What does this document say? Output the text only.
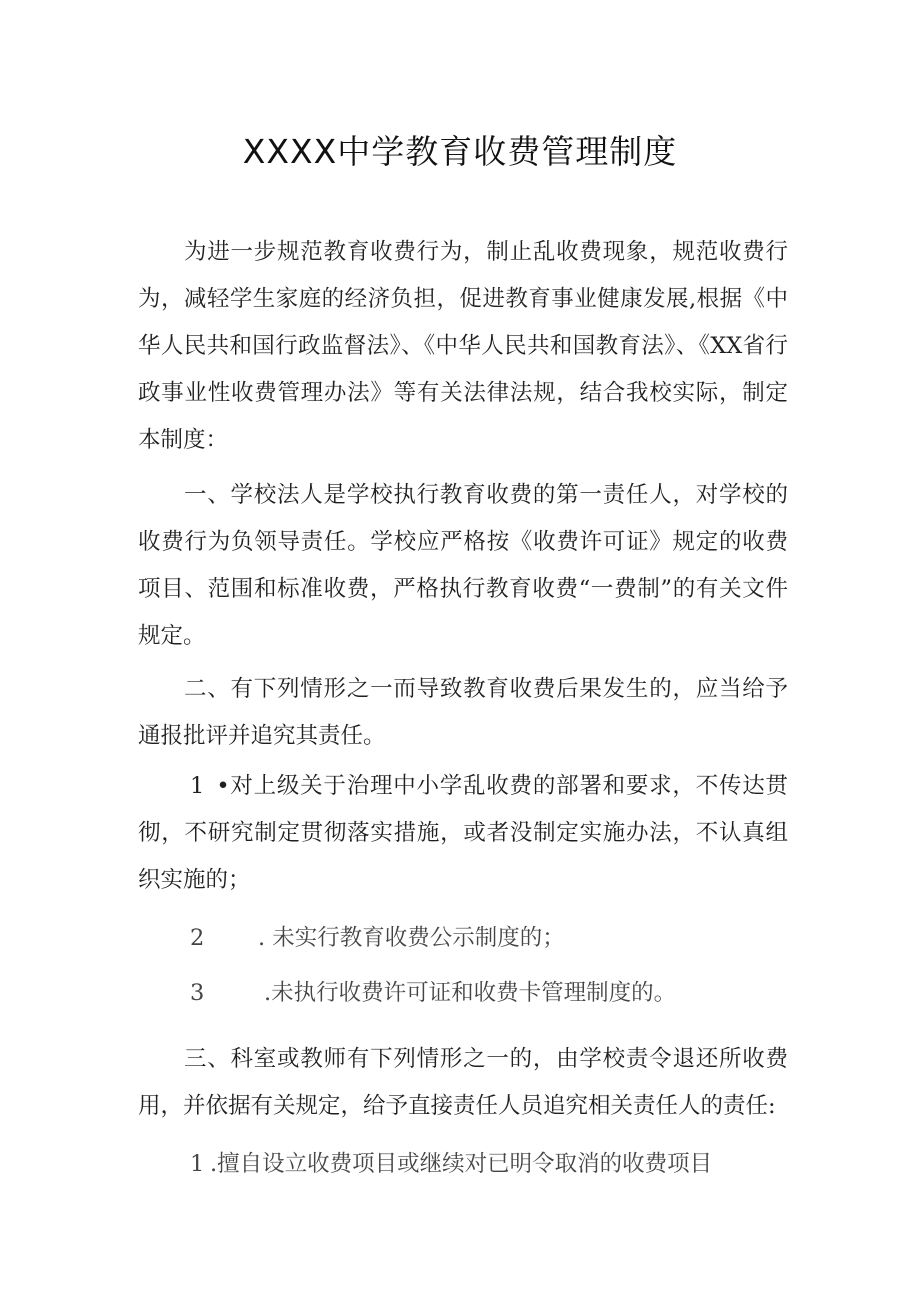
XXXX中学教育收费管理制度
为进一步规范教育收费行为，制止乱收费现象，规范收费行为，减轻学生家庭的经济负担，促进教育事业健康发展,根据《中华人民共和国行政监督法》、《中华人民共和国教育法》、《XX省行政事业性收费管理办法》等有关法律法规，结合我校实际，制定本制度：
一、学校法人是学校执行教育收费的第一责任人，对学校的收费行为负领导责任。学校应严格按《收费许可证》规定的收费项目、范围和标准收费，严格执行教育收费“一费制”的有关文件规定。
二、有下列情形之一而导致教育收费后果发生的，应当给予通报批评并追究其责任。
1 •对上级关于治理中小学乱收费的部署和要求，不传达贯彻，不研究制定贯彻落实措施，或者没制定实施办法，不认真组织实施的；
2 . 未实行教育收费公示制度的；
3	.未执行收费许可证和收费卡管理制度的。
三、科室或教师有下列情形之一的，由学校责令退还所收费用，并依据有关规定，给予直接责任人员追究相关责任人的责任:
1 .擅自设立收费项目或继续对已明令取消的收费项目
